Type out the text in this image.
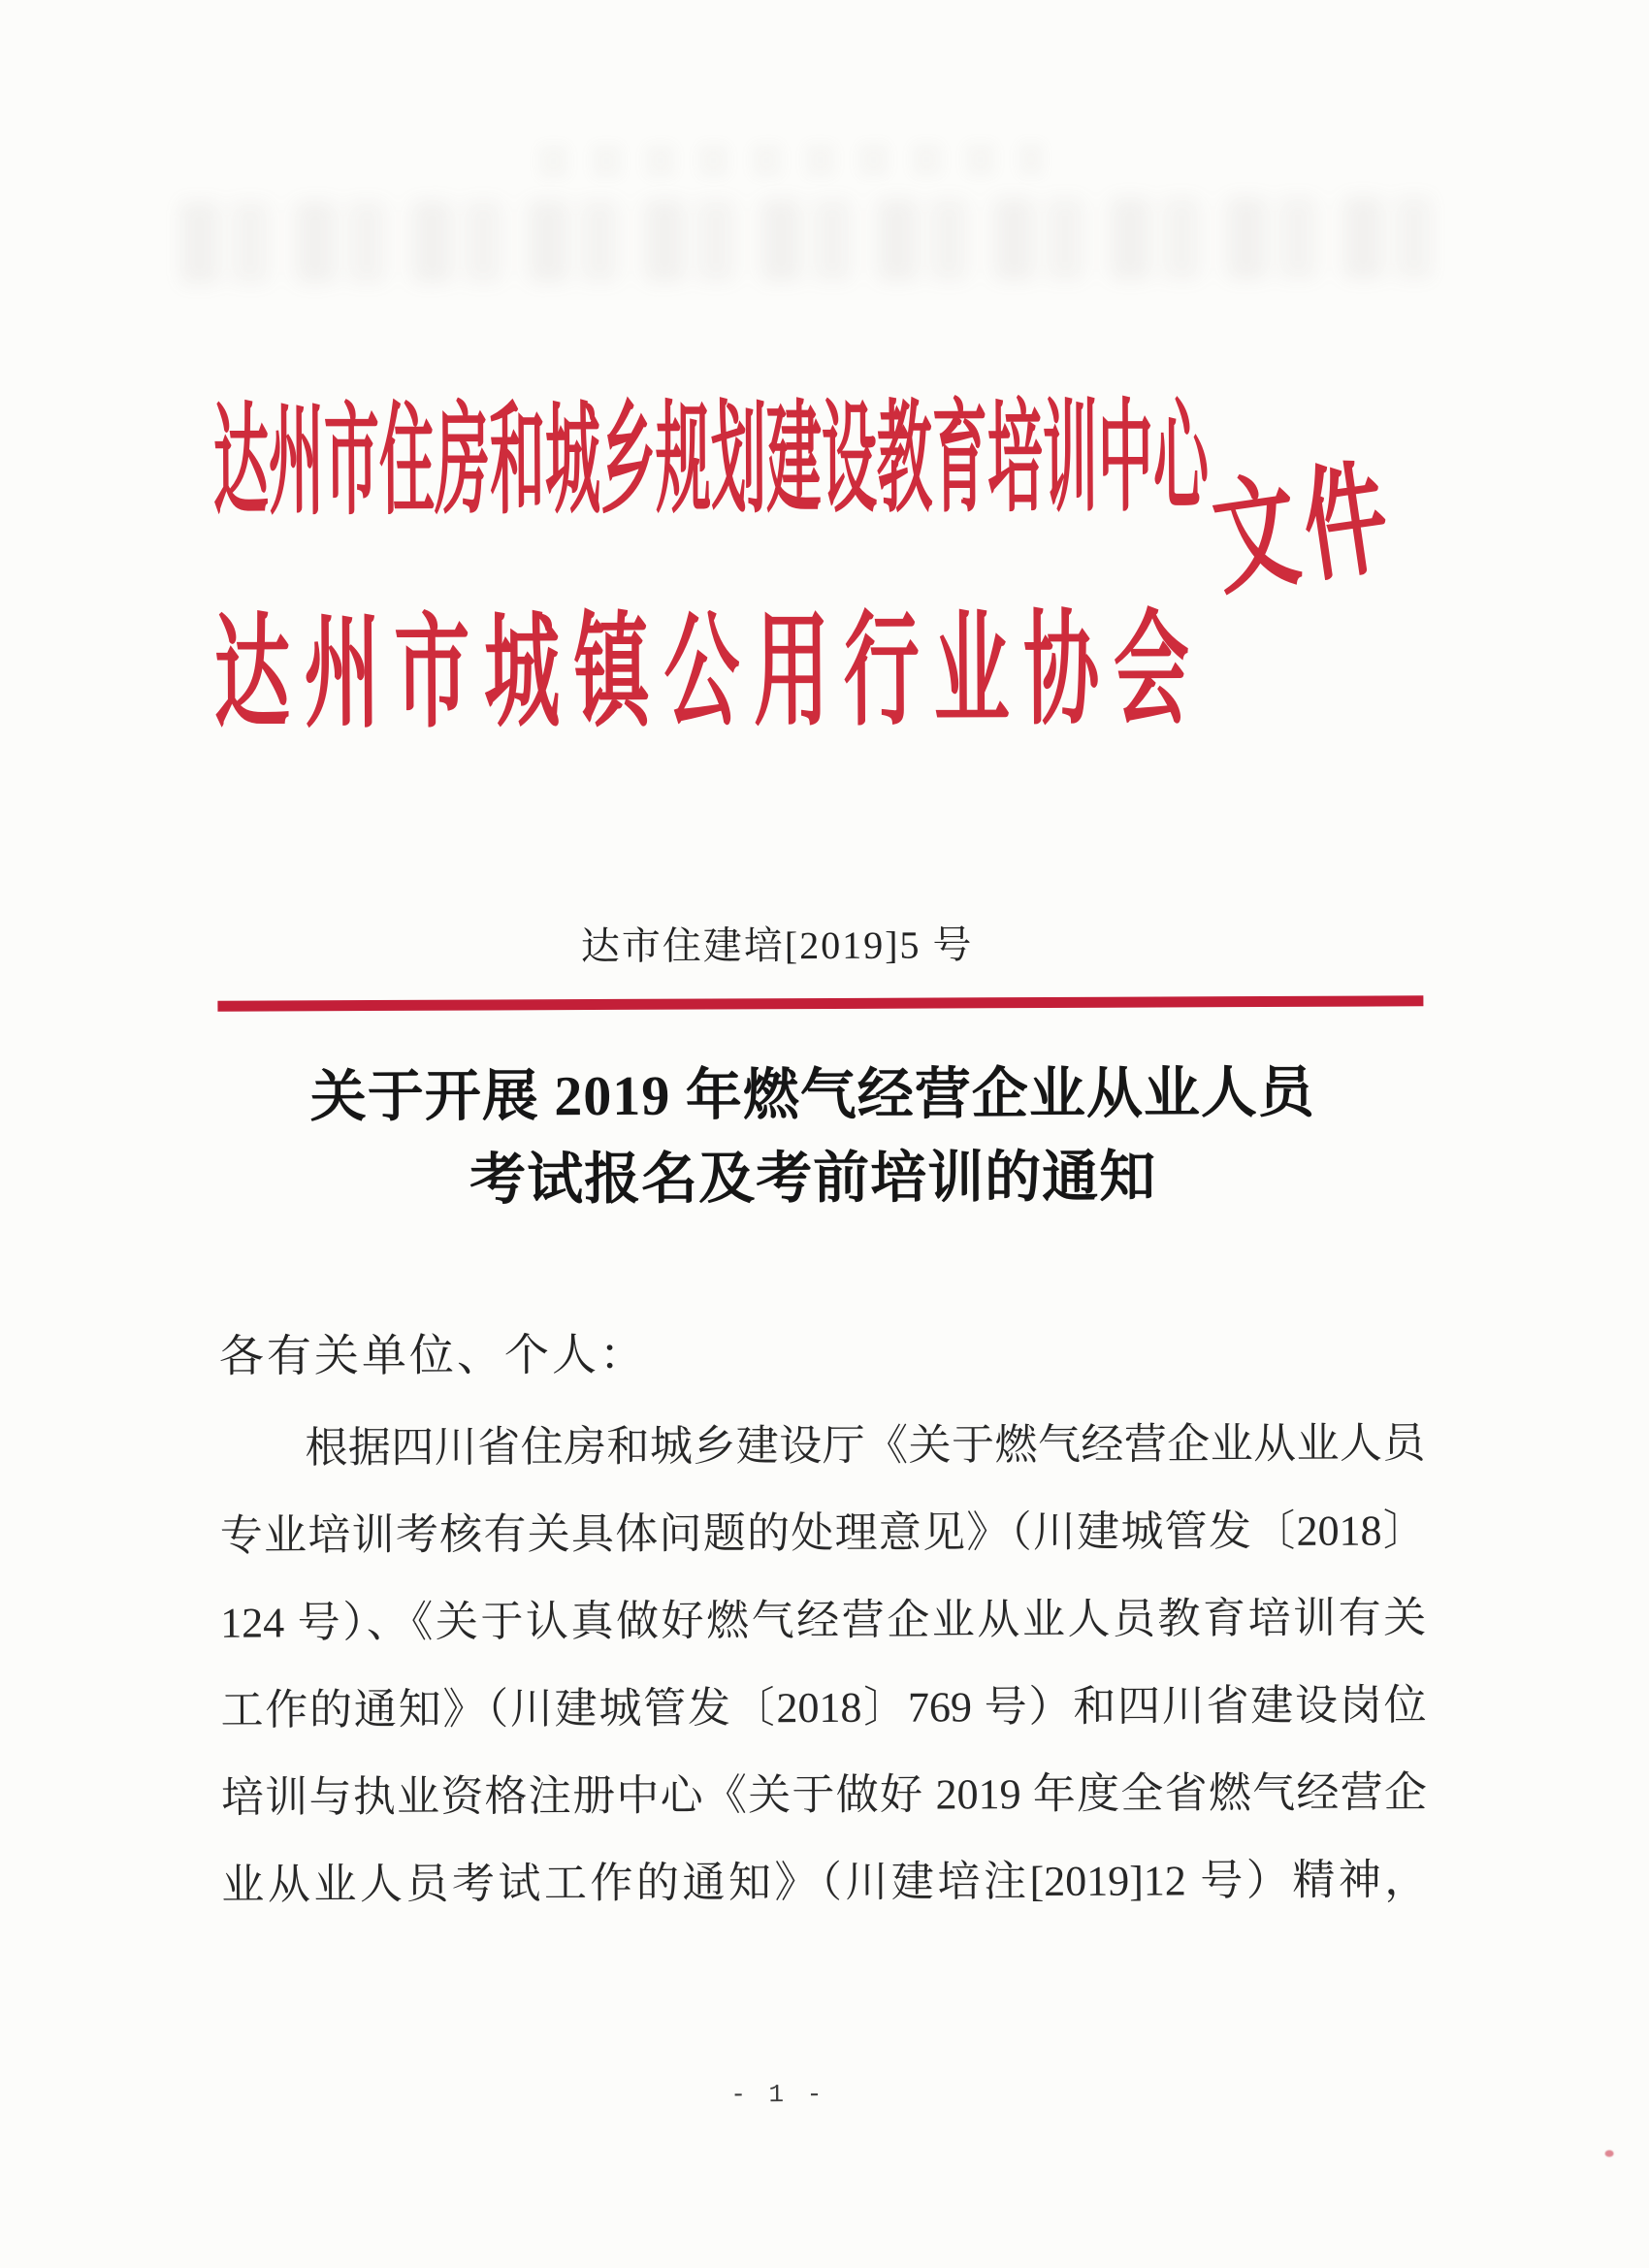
达州市住房和城乡规划建设教育培训中心
达州市城镇公用行业协会
文件
达市住建培[2019]5 号
关于开展 2019 年燃气经营企业从业人员
考试报名及考前培训的通知
各有关单位、个人：
根据四川省住房和城乡建设厅《关于燃气经营企业从业人员
专业培训考核有关具体问题的处理意见》（川建城管发〔2018〕
124 号）、《关于认真做好燃气经营企业从业人员教育培训有关
工作的通知》（川建城管发〔2018〕769 号）和四川省建设岗位
培训与执业资格注册中心《关于做好 2019 年度全省燃气经营企
业从业人员考试工作的通知》（川建培注[2019]12 号）精神，
- 1 -
